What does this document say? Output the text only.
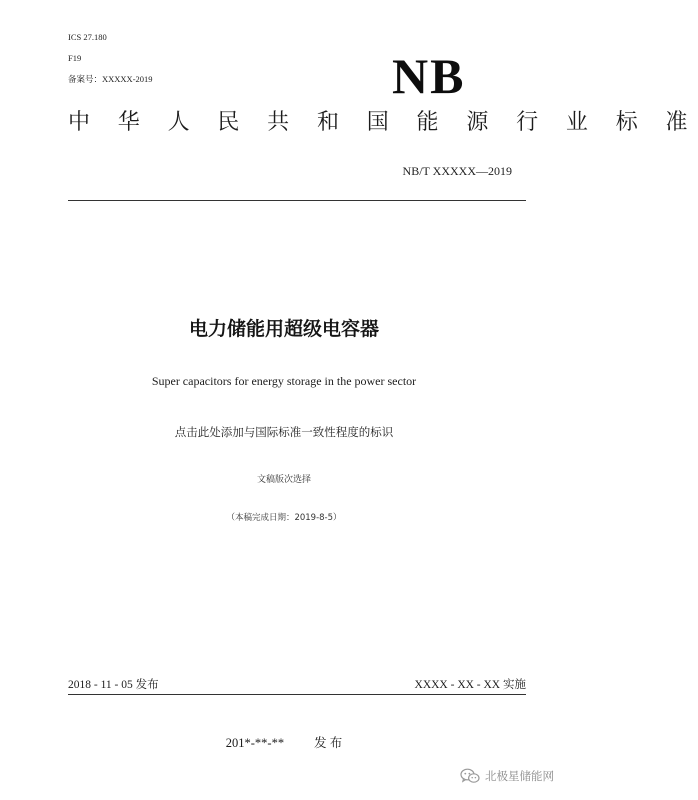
ICS 27.180
F19
备案号：XXXXX-2019	NB
中 华 人 民 共 和 国 能 源 行 业 标 准
NB/T XXXXX—2019
电力储能用超级电容器
Super capacitors for energy storage in the power sector
点击此处添加与国际标准一致性程度的标识
文稿版次选择
（本稿完成日期：2019-8-5）
2018 - 11 - 05 发布	XXXX - XX - XX 实施
201*-**-** 发 布
北极星储能网
